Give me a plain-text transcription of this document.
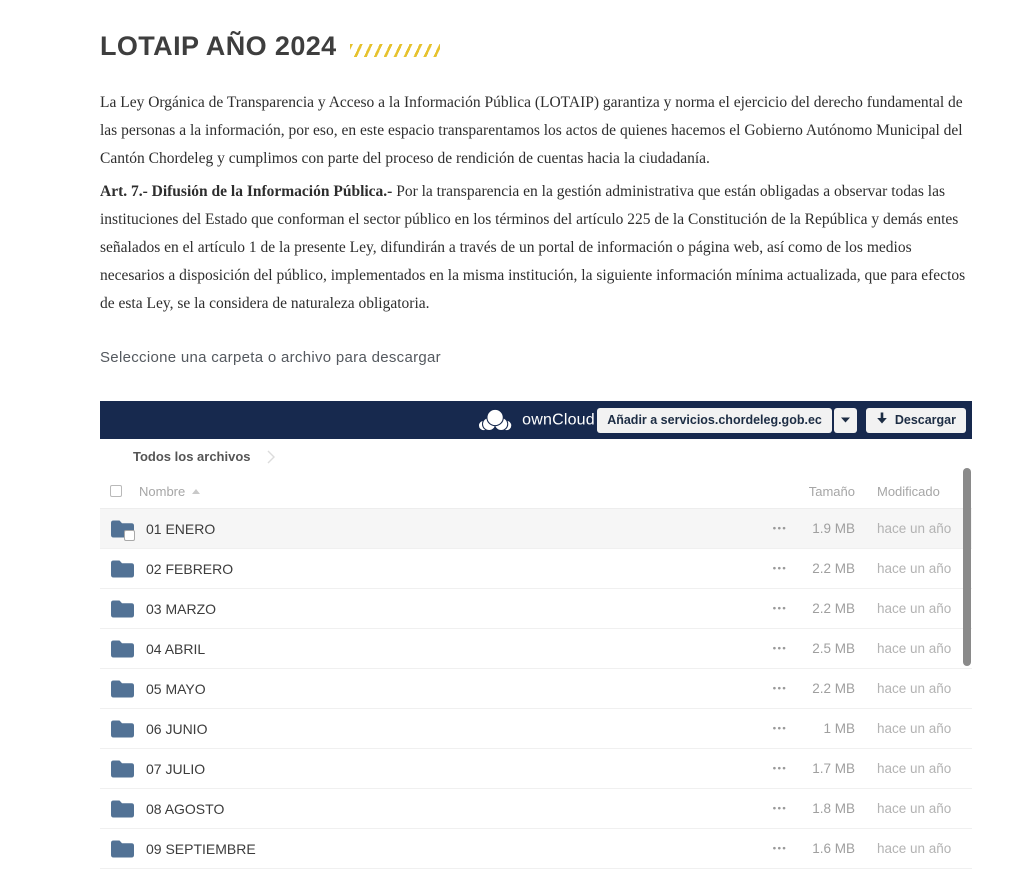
LOTAIP AÑO 2024

La Ley Orgánica de Transparencia y Acceso a la Información Pública (LOTAIP) garantiza y norma el ejercicio del derecho fundamental de las personas a la información, por eso, en este espacio transparentamos los actos de quienes hacemos el Gobierno Autónomo Municipal del Cantón Chordeleg y cumplimos con parte del proceso de rendición de cuentas hacia la ciudadanía.

Art. 7.- Difusión de la Información Pública.- Por la transparencia en la gestión administrativa que están obligadas a observar todas las instituciones del Estado que conforman el sector público en los términos del artículo 225 de la Constitución de la República y demás entes señalados en el artículo 1 de la presente Ley, difundirán a través de un portal de información o página web, así como de los medios necesarios a disposición del público, implementados en la misma institución, la siguiente información mínima actualizada, que para efectos de esta Ley, se la considera de naturaleza obligatoria.

Seleccione una carpeta o archivo para descargar

ownCloud Añadir a servicios.chordeleg.gob.ec	Descargar
Todos los archivos
Nombre	Tamaño	Modificado
01 ENERO	•••	1.9 MB	hace un año
02 FEBRERO	•••	2.2 MB	hace un año
03 MARZO	•••	2.2 MB	hace un año
04 ABRIL	•••	2.5 MB	hace un año
05 MAYO	•••	2.2 MB	hace un año
06 JUNIO	•••	1 MB	hace un año
07 JULIO	•••	1.7 MB	hace un año
08 AGOSTO	•••	1.8 MB	hace un año
09 SEPTIEMBRE	•••	1.6 MB	hace un año
